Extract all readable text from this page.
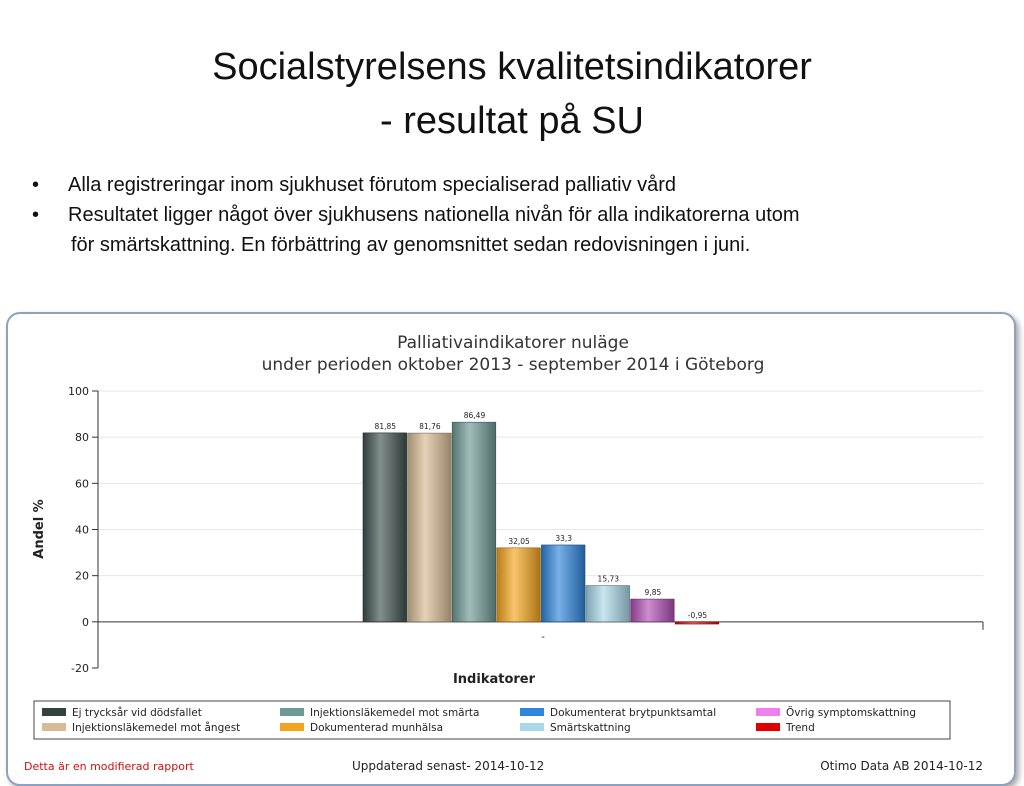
Socialstyrelsens kvalitetsindikatorer
- resultat på SU
• Alla registreringar inom sjukhuset förutom specialiserad palliativ vård
• Resultatet ligger något över sjukhusens nationella nivån för alla indikatorerna utom
för smärtskattning. En förbättring av genomsnittet sedan redovisningen i juni.
Palliativaindikatorer nuläge
under perioden oktober 2013 - september 2014 i Göteborg
-20
0
20
40
60
80
100
-
Indikatorer
Andel %
81,85	81,76
86,49
32,05	33,3
15,73
9,85
-0,95
Ej trycksår vid dödsfallet	Injektionsläkemedel mot smärta	Dokumenterat brytpunktsamtal	Övrig symptomskattning
Injektionsläkemedel mot ångest	Dokumenterad munhälsa	Smärtskattning	Trend
Detta är en modifierad rapport	Uppdaterad senast- 2014-10-12	Otimo Data AB 2014-10-12
